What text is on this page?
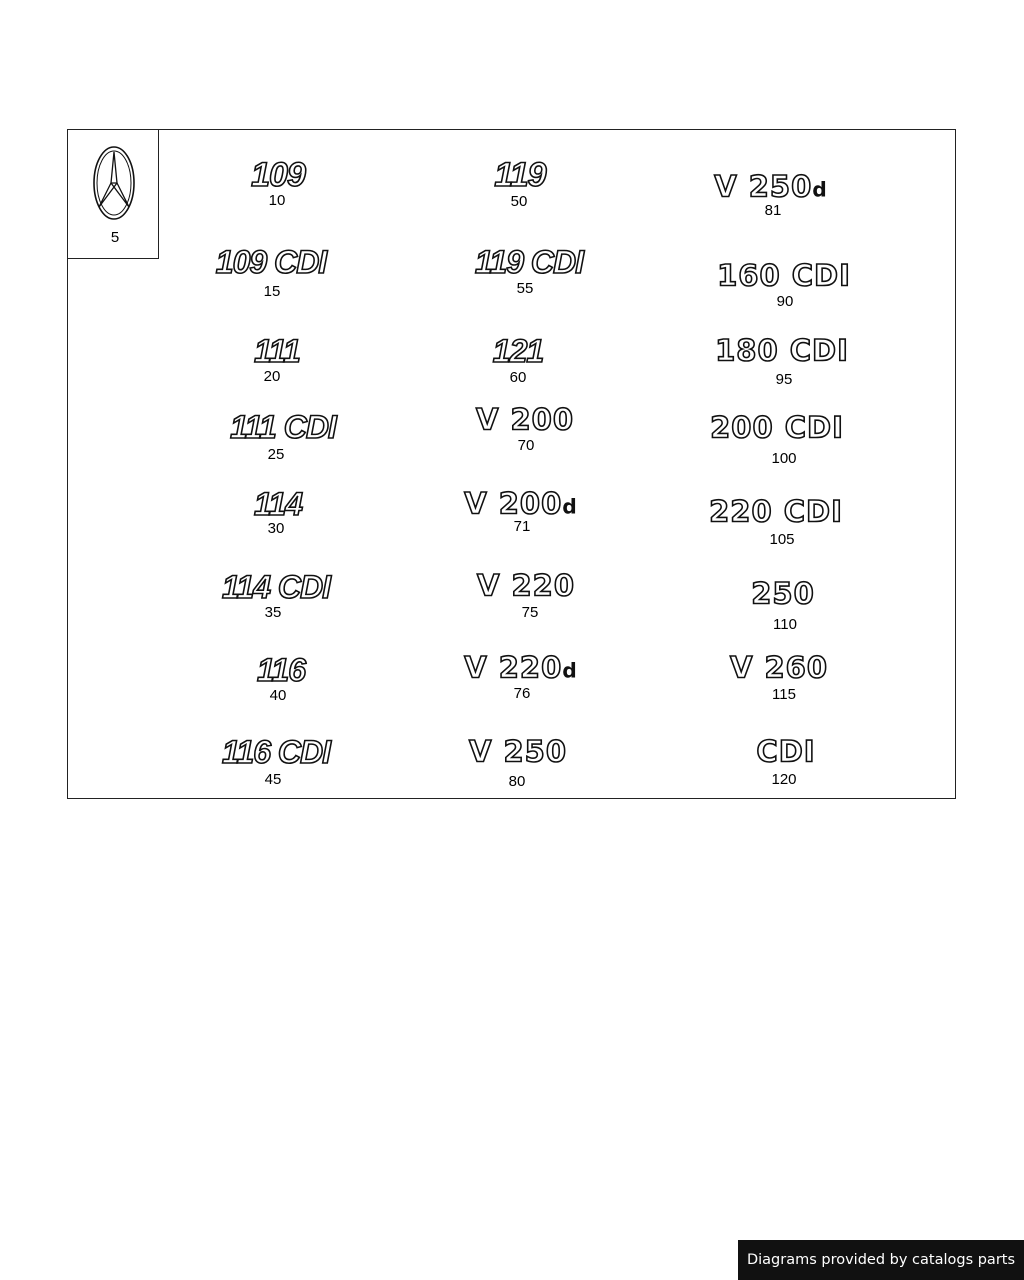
5
109
10
109 CDI
15
111
20
111 CDI
25
114
30
114 CDI
35
116
40
116 CDI
45
119
50
119 CDI
55
121
60
V 200
70
V 200d
71
V 220
75
V 220d
76
V 250
80
V 250d
81
160 CDI
90
180 CDI
95
200 CDI
100
220 CDI
105
250
110
V 260
115
CDI
120
Diagrams provided by catalogs parts
